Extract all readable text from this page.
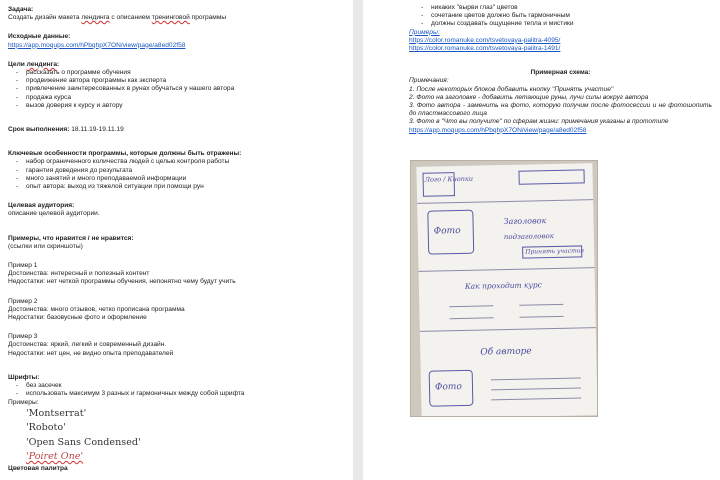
Задача:
Создать дизайн макета лендинга с описанием тренинговой программы
Исходные данные:
https://app.moqups.com/hPbqhpX7ON/view/page/a8ed02f58
Цели лендинга:
- рассказать о программе обучения
- продвижение автора программы как эксперта
- привлечение заинтересованных в рунах обучаться у нашего автора
- продажа курса
- вызов доверия к курсу и автору
Срок выполнения: 18.11.19-19.11.19
Ключевые особенности программы, которые должны быть отражены:
- набор ограниченного количества людей с целью контроля работы
- гарантия доведения до результата
- много занятий и много преподаваемой информации
- опыт автора: выход из тяжелой ситуации при помощи рун
Целевая аудитория:
описание целевой аудитории.
Примеры, что нравится / не нравится:
(ссылки или скриншоты)
Пример 1
Достоинства: интересный и полезный контент
Недостатки: нет четкой программы обучения, непонятно чему будут учить
Пример 2
Достоинства: много отзывов, четко прописана программа
Недостатки: базовусные фото и оформление
Пример 3
Достоинства: яркий, легкий и современный дизайн.
Недостатки: нет цен, не видно опыта преподавателей
Шрифты:
- без засечек
- использовать максимум 3 разных и гармоничных между собой шрифта
Примеры:
'Montserrat'
'Roboto'
'Open Sans Condensed'
'Poiret One'
Цветовая палитра
- никаких "вырви глаз" цветов
- сочетание цветов должно быть гармоничным
- должны создавать ощущение тепла и мистики
Примеры:
https://color.romanuke.com/tsvetovaya-palitra-4095/
https://color.romanuke.com/tsvetovaya-palitra-1491/
Примерная схема:
Примечания:
1. После некоторых блоков добавить кнопку "Принять участие"
2. Фото на заголовке - добавить летающие руны, лучи силы вокруг автора
3. Фото автора - заменить на фото, которую получим после фотосессии и не фотошопить до пластмассового лица
3. Фото в "Что вы получите" по сферам жизни: примечания указаны в прототипе
https://app.moqups.com/hPbqhpX7ON/view/page/a8ed02f58
Лого / Кнопки
Фото
Заголовок
подзаголовок
Принять участие
Как проходит курс
Об авторе
Фото
